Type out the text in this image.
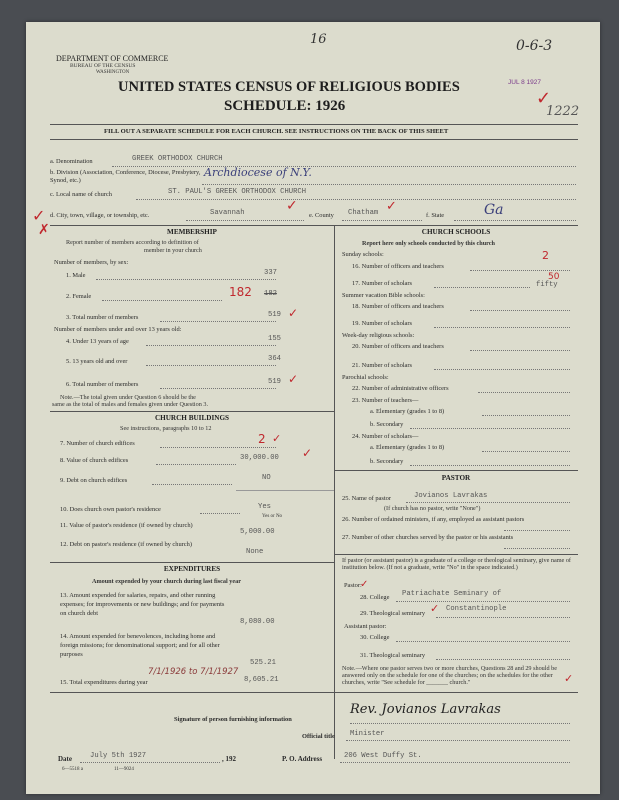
16	0-6-3
DEPARTMENT OF COMMERCE
BUREAU OF THE CENSUS
WASHINGTON
JUL 8 1927
✓
1222
UNITED STATES CENSUS OF RELIGIOUS BODIES
SCHEDULE: 1926
FILL OUT A SEPARATE SCHEDULE FOR EACH CHURCH. SEE INSTRUCTIONS ON THE BACK OF THIS SHEET
a. Denomination	GREEK ORTHODOX CHURCH
b. Division (Association, Conference, Diocese, Presbytery, Synod, etc.)
Archdiocese of N.Y.
c. Local name of church	ST. PAUL'S GREEK ORTHODOX CHURCH
✓ d. City, town, village, or township, etc.	Savannah	✓
e. County Chatham ✓
f. State	Ga
✗	MEMBERSHIP
Report number of members according to definition of
member in your church
Number of members, by sex:
1. Male	337
2. Female	182 182
3. Total number of members	519 ✓
Number of members under and over 13 years old:
4. Under 13 years of age	155
5. 13 years old and over	364
6. Total number of members	519 ✓
Note.—The total given under Question 6 should be the
same as the total of males and females given under Question 3.
CHURCH BUILDINGS
See instructions, paragraphs 10 to 12
7. Number of church edifices	2 ✓
8. Value of church edifices	30,000.00 ✓
9. Debt on church edifices	NO
10. Does church own pastor's residence	Yes
Yes or No
11. Value of pastor's residence (if owned by church)
5,000.00
12. Debt on pastor's residence (if owned by church)
None
EXPENDITURES
Amount expended by your church during last fiscal year
13. Amount expended for salaries, repairs, and other running expenses; for improvements or new buildings; and for payments on church debt
8,080.00
14. Amount expended for benevolences, including home and foreign missions; for denominational support; and for all other purposes
525.21
7/1/1926 to 7/1/1927
15. Total expenditures during year	8,605.21
CHURCH SCHOOLS
Report here only schools conducted by this church
Sunday schools:
16. Number of officers and teachers
2
17. Number of scholars
50
fifty
Summer vacation Bible schools:
18. Number of officers and teachers
19. Number of scholars
Week-day religious schools:
20. Number of officers and teachers
21. Number of scholars
Parochial schools:
22. Number of administrative officers
23. Number of teachers—
a. Elementary (grades 1 to 8)
b. Secondary
24. Number of scholars—
a. Elementary (grades 1 to 8)
b. Secondary
PASTOR
25. Name of pastor	Jovianos Lavrakas
(If church has no pastor, write "None")
26. Number of ordained ministers, if any, employed as assistant pastors
27. Number of other churches served by the pastor or his assistants
If pastor (or assistant pastor) is a graduate of a college or theological seminary, give name of institution below. (If not a graduate, write "No" in the space indicated.)
Pastor:
✓
28. College Patriachate Seminary of
29. Theological seminary
Constantinople
✓
Assistant pastor:
30. College
31. Theological seminary
Note.—Where one pastor serves two or more churches, Questions 28 and 29 should be answered only on the schedule for one of the churches; on the schedules for the other churches, write "See schedule for _______ church."	✓
Signature of person furnishing information
Rev. Jovianos Lavrakas
Official title Minister
Date	July 5th 1927	, 192	P. O. Address	206 West Duffy St.
6—5518 a	11—9024
